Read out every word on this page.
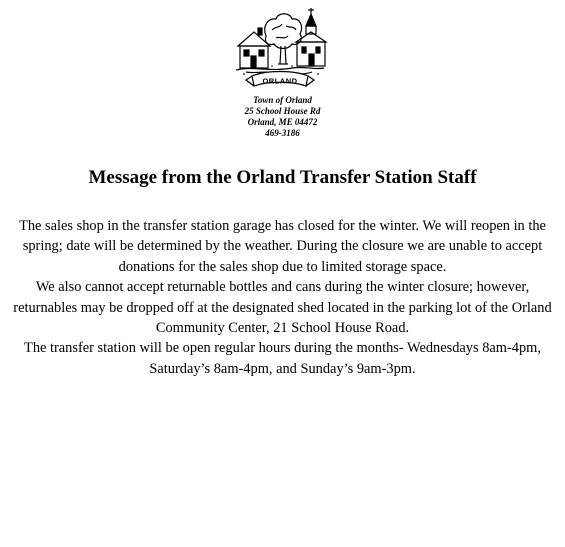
ORLAND
Town of Orland
25 School House Rd
Orland, ME 04472
469-3186
Message from the Orland Transfer Station Staff

The sales shop in the transfer station garage has closed for the winter. We will reopen in the spring; date will be determined by the weather. During the closure we are unable to accept donations for the sales shop due to limited storage space.

We also cannot accept returnable bottles and cans during the winter closure; however, returnables may be dropped off at the designated shed located in the parking lot of the Orland Community Center, 21 School House Road.

The transfer station will be open regular hours during the months- Wednesdays 8am-4pm, Saturday’s 8am-4pm, and Sunday’s 9am-3pm.
